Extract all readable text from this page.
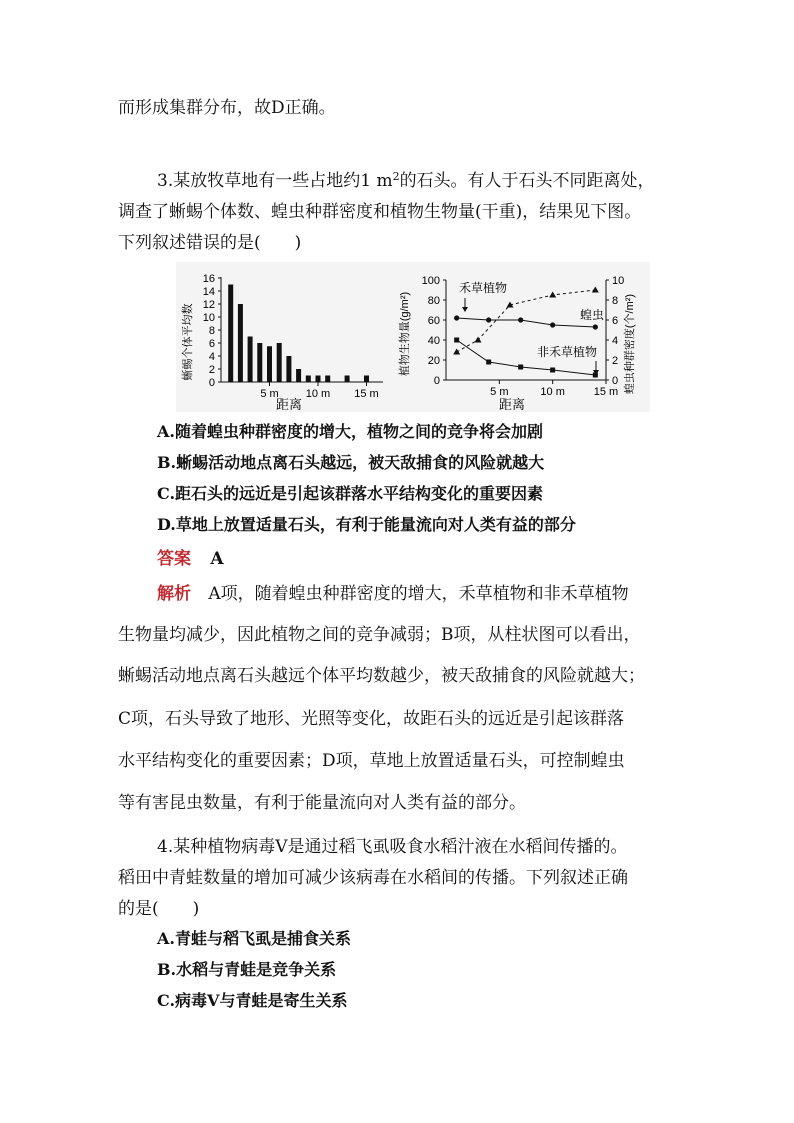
而形成集群分布，故D正确。
3.某放牧草地有一些占地约1 $m^2$的石头。有人于石头不同距离处，
调查了蜥蜴个体数、蝗虫种群密度和植物生物量(干重)，结果见下图。
下列叙述错误的是(　　)
蜥蜴个体平均数
距离
0
2
4
6
8
10
12
14
16
5 m 10 m 15 m
植物生物量(g/m²)	蝗虫种群密度(个/m²)
距离
禾草植物
蝗虫
非禾草植物
0
20
40
60
80
100
0
2
4
6
8
10
5 m	10 m	15 m
A.随着蝗虫种群密度的增大，植物之间的竞争将会加剧
B.蜥蜴活动地点离石头越远，被天敌捕食的风险就越大
C.距石头的远近是引起该群落水平结构变化的重要因素
D.草地上放置适量石头，有利于能量流向对人类有益的部分
答案 A
解析 A项，随着蝗虫种群密度的增大，禾草植物和非禾草植物
生物量均减少，因此植物之间的竞争减弱；B项，从柱状图可以看出，
蜥蜴活动地点离石头越远个体平均数越少，被天敌捕食的风险就越大；
C项，石头导致了地形、光照等变化，故距石头的远近是引起该群落
水平结构变化的重要因素；D项，草地上放置适量石头，可控制蝗虫
等有害昆虫数量，有利于能量流向对人类有益的部分。
4.某种植物病毒V是通过稻飞虱吸食水稻汁液在水稻间传播的。
稻田中青蛙数量的增加可减少该病毒在水稻间的传播。下列叙述正确
的是(　　)
A.青蛙与稻飞虱是捕食关系
B.水稻与青蛙是竞争关系
C.病毒V与青蛙是寄生关系
